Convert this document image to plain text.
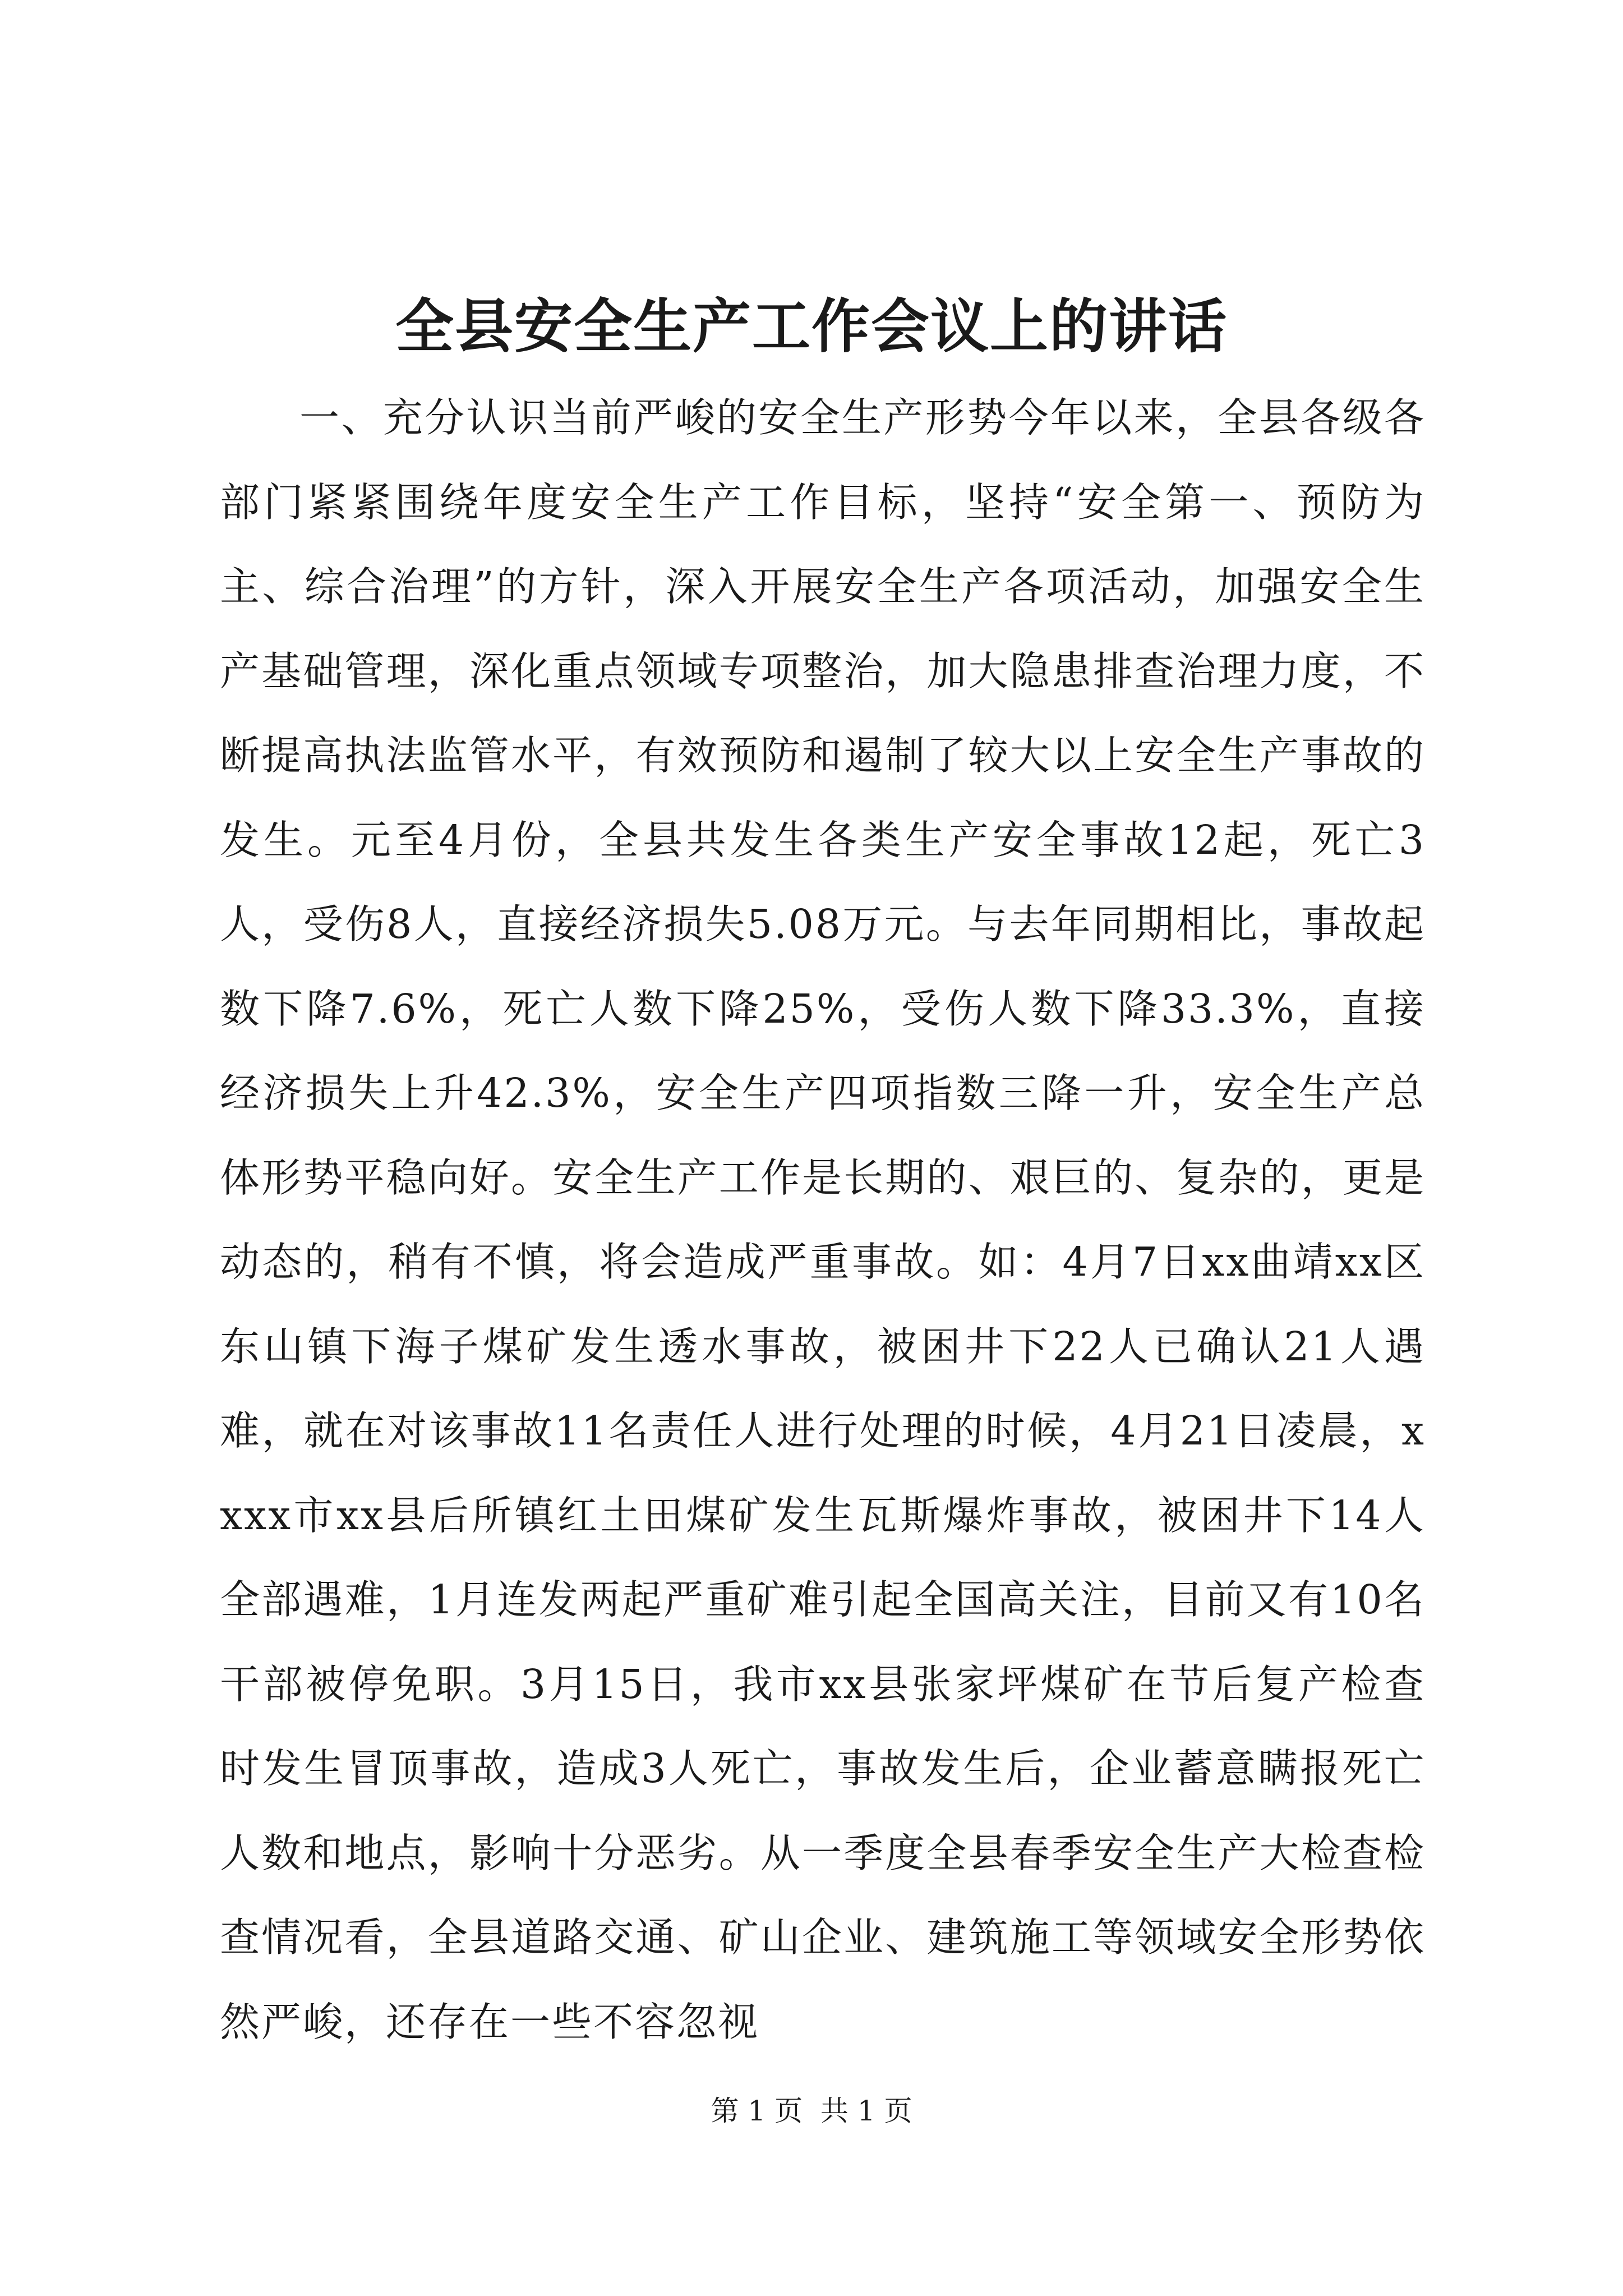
全县安全生产工作会议上的讲话

一、充分认识当前严峻的安全生产形势今年以来，全县各级各部门紧紧围绕年度安全生产工作目标，坚持“安全第一、预防为主、综合治理”的方针，深入开展安全生产各项活动，加强安全生产基础管理，深化重点领域专项整治，加大隐患排查治理力度，不断提高执法监管水平，有效预防和遏制了较大以上安全生产事故的发生。元至4月份，全县共发生各类生产安全事故12起，死亡3人，受伤8人，直接经济损失5.08万元。与去年同期相比，事故起数下降7.6%，死亡人数下降25%，受伤人数下降33.3%，直接经济损失上升42.3%，安全生产四项指数三降一升，安全生产总体形势平稳向好。安全生产工作是长期的、艰巨的、复杂的，更是动态的，稍有不慎，将会造成严重事故。如：4月7日xx曲靖xx区东山镇下海子煤矿发生透水事故，被困井下22人已确认21人遇难，就在对该事故11名责任人进行处理的时候，4月21日凌晨，xxxx市xx县后所镇红土田煤矿发生瓦斯爆炸事故，被困井下14人全部遇难，1月连发两起严重矿难引起全国高关注，目前又有10名干部被停免职。3月15日，我市xx县张家坪煤矿在节后复产检查时发生冒顶事故，造成3人死亡，事故发生后，企业蓄意瞒报死亡人数和地点，影响十分恶劣。从一季度全县春季安全生产大检查检查情况看，全县道路交通、矿山企业、建筑施工等领域安全形势依然严峻，还存在一些不容忽视

第 1 页  共 1 页
